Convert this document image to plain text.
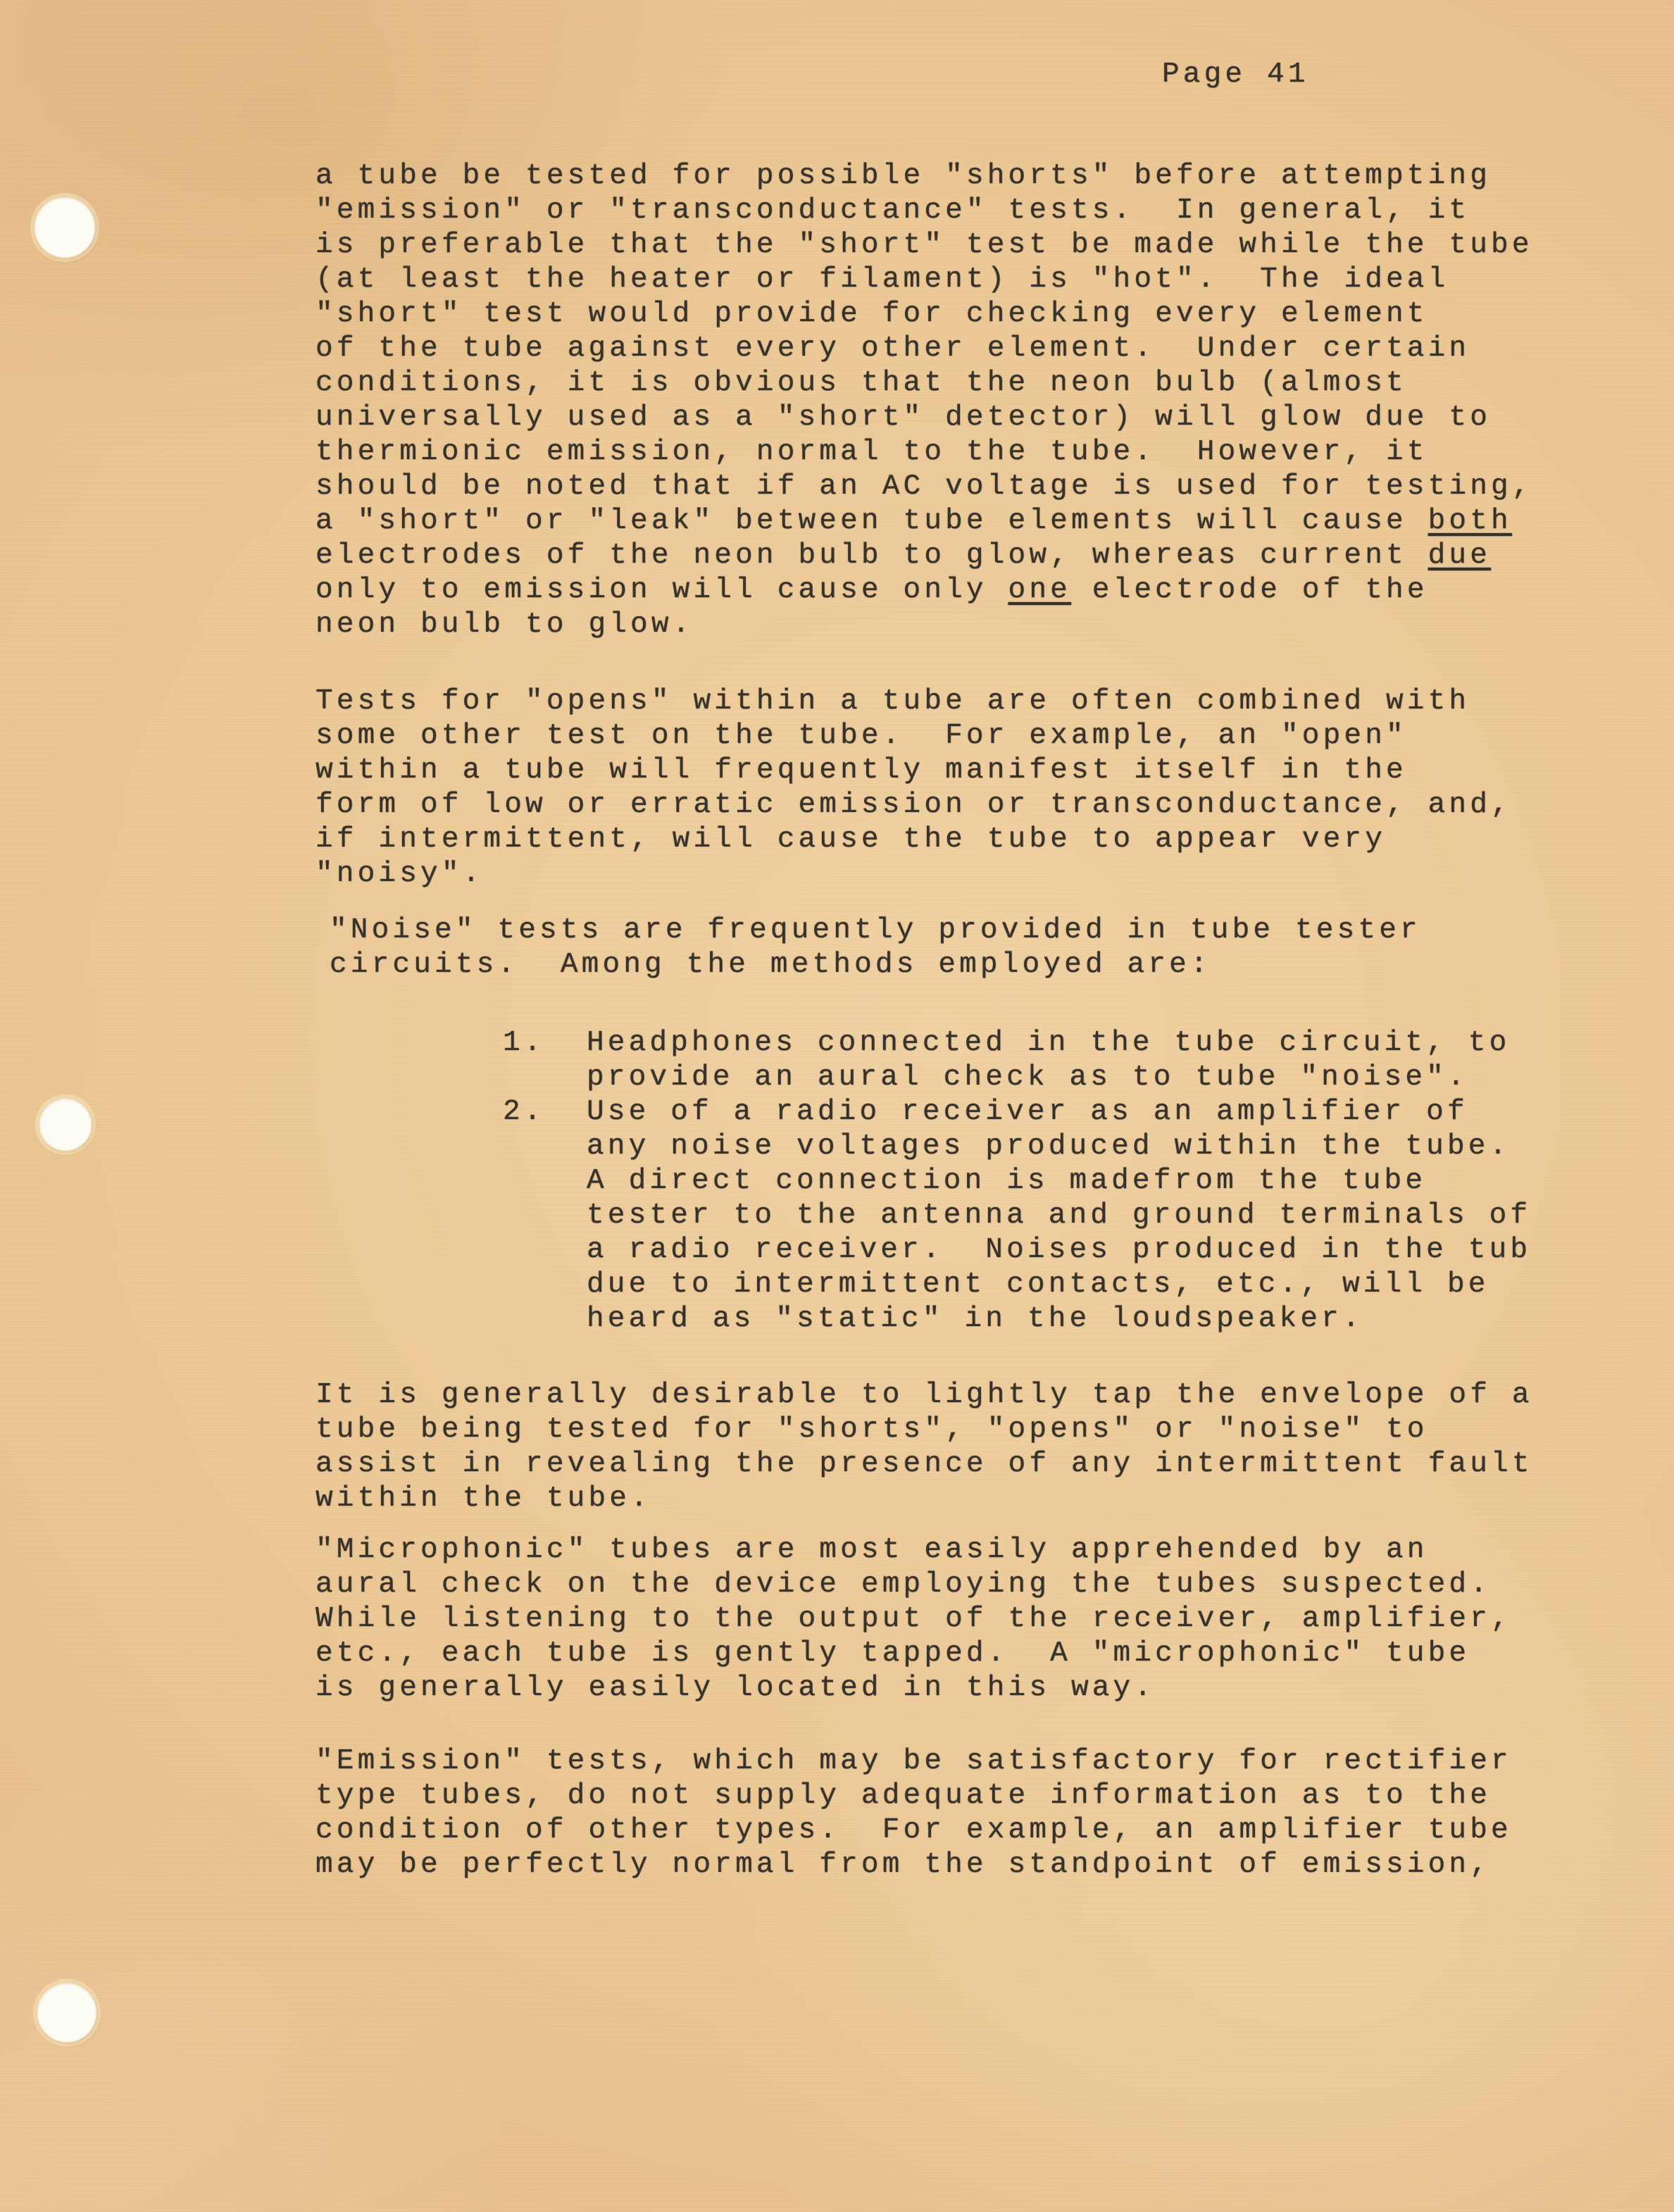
Page 41
a tube be tested for possible "shorts" before attempting
"emission" or "transconductance" tests.  In general, it
is preferable that the "short" test be made while the tube
(at least the heater or filament) is "hot".  The ideal
"short" test would provide for checking every element
of the tube against every other element.  Under certain
conditions, it is obvious that the neon bulb (almost
universally used as a "short" detector) will glow due to
thermionic emission, normal to the tube.  However, it
should be noted that if an AC voltage is used for testing,
a "short" or "leak" between tube elements will cause both
electrodes of the neon bulb to glow, whereas current due
only to emission will cause only one electrode of the
neon bulb to glow.
Tests for "opens" within a tube are often combined with
some other test on the tube.  For example, an "open"
within a tube will frequently manifest itself in the
form of low or erratic emission or transconductance, and,
if intermittent, will cause the tube to appear very
"noisy".
"Noise" tests are frequently provided in tube tester
circuits.  Among the methods employed are:
1. Headphones connected in the tube circuit, to
provide an aural check as to tube "noise".
2. Use of a radio receiver as an amplifier of
any noise voltages produced within the tube.
A direct connection is madefrom the tube
tester to the antenna and ground terminals of
a radio receiver.  Noises produced in the tub
due to intermittent contacts, etc., will be
heard as "static" in the loudspeaker.
It is generally desirable to lightly tap the envelope of a
tube being tested for "shorts", "opens" or "noise" to
assist in revealing the presence of any intermittent fault
within the tube.
"Microphonic" tubes are most easily apprehended by an
aural check on the device employing the tubes suspected.
While listening to the output of the receiver, amplifier,
etc., each tube is gently tapped.  A "microphonic" tube
is generally easily located in this way.
"Emission" tests, which may be satisfactory for rectifier
type tubes, do not supply adequate information as to the
condition of other types.  For example, an amplifier tube
may be perfectly normal from the standpoint of emission,
